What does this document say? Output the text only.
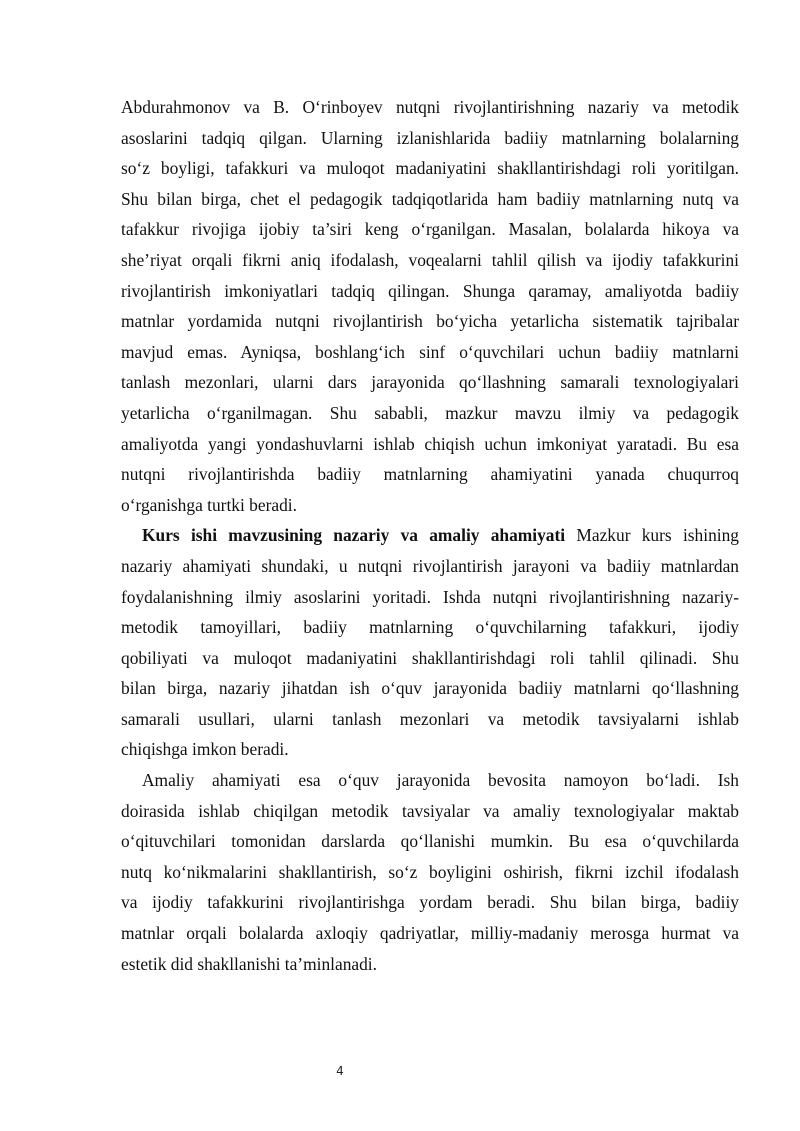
Abdurahmonov va B. O‘rinboyev nutqni rivojlantirishning nazariy va metodik
asoslarini tadqiq qilgan. Ularning izlanishlarida badiiy matnlarning bolalarning
so‘z boyligi, tafakkuri va muloqot madaniyatini shakllantirishdagi roli yoritilgan.
Shu bilan birga, chet el pedagogik tadqiqotlarida ham badiiy matnlarning nutq va
tafakkur rivojiga ijobiy ta’siri keng o‘rganilgan. Masalan, bolalarda hikoya va
she’riyat orqali fikrni aniq ifodalash, voqealarni tahlil qilish va ijodiy tafakkurini
rivojlantirish imkoniyatlari tadqiq qilingan. Shunga qaramay, amaliyotda badiiy
matnlar yordamida nutqni rivojlantirish bo‘yicha yetarlicha sistematik tajribalar
mavjud emas. Ayniqsa, boshlang‘ich sinf o‘quvchilari uchun badiiy matnlarni
tanlash mezonlari, ularni dars jarayonida qo‘llashning samarali texnologiyalari
yetarlicha o‘rganilmagan. Shu sababli, mazkur mavzu ilmiy va pedagogik
amaliyotda yangi yondashuvlarni ishlab chiqish uchun imkoniyat yaratadi. Bu esa
nutqni rivojlantirishda badiiy matnlarning ahamiyatini yanada chuqurroq
o‘rganishga turtki beradi.
Kurs ishi mavzusining nazariy va amaliy ahamiyati Mazkur kurs ishining
nazariy ahamiyati shundaki, u nutqni rivojlantirish jarayoni va badiiy matnlardan
foydalanishning ilmiy asoslarini yoritadi. Ishda nutqni rivojlantirishning nazariy-
metodik tamoyillari, badiiy matnlarning o‘quvchilarning tafakkuri, ijodiy
qobiliyati va muloqot madaniyatini shakllantirishdagi roli tahlil qilinadi. Shu
bilan birga, nazariy jihatdan ish o‘quv jarayonida badiiy matnlarni qo‘llashning
samarali usullari, ularni tanlash mezonlari va metodik tavsiyalarni ishlab
chiqishga imkon beradi.
Amaliy ahamiyati esa o‘quv jarayonida bevosita namoyon bo‘ladi. Ish
doirasida ishlab chiqilgan metodik tavsiyalar va amaliy texnologiyalar maktab
o‘qituvchilari tomonidan darslarda qo‘llanishi mumkin. Bu esa o‘quvchilarda
nutq ko‘nikmalarini shakllantirish, so‘z boyligini oshirish, fikrni izchil ifodalash
va ijodiy tafakkurini rivojlantirishga yordam beradi. Shu bilan birga, badiiy
matnlar orqali bolalarda axloqiy qadriyatlar, milliy-madaniy merosga hurmat va
estetik did shakllanishi ta’minlanadi.
4
